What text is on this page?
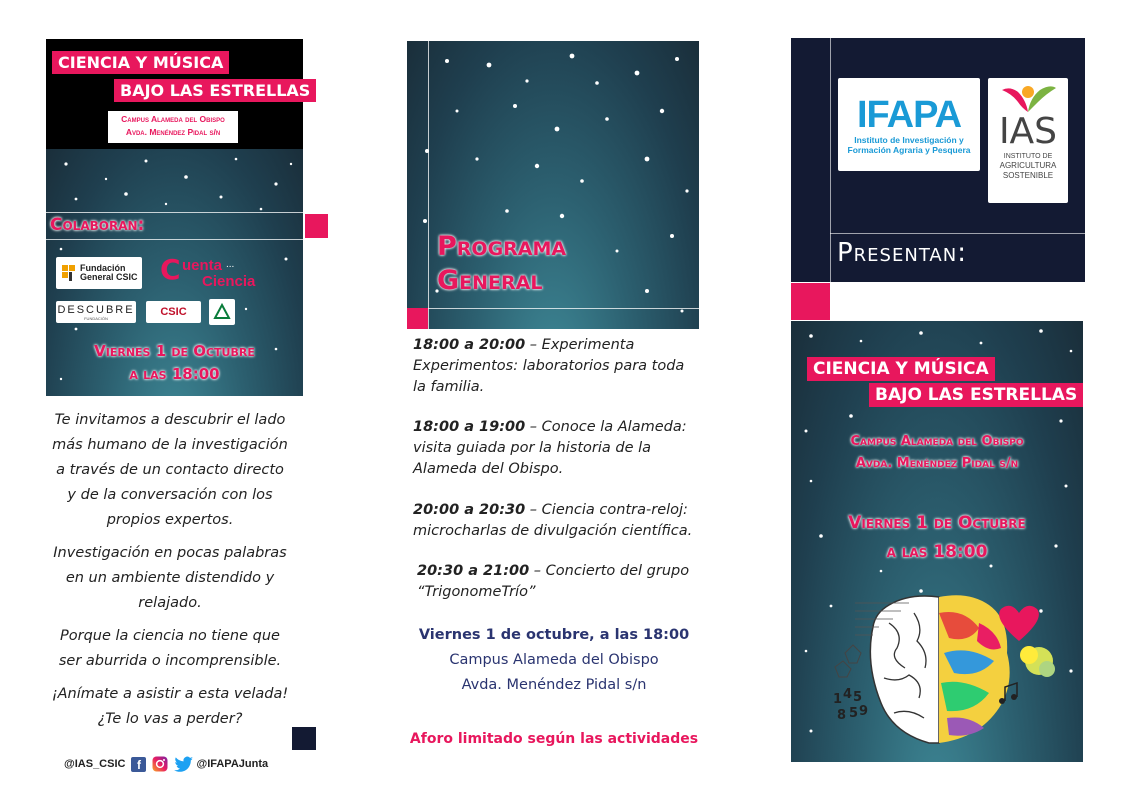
CIENCIA Y MÚSICA
BAJO LAS ESTRELLAS
Campus Alameda del Obispo
Avda. Menéndez Pidal s/n
Colaboran:
Fundación
General CSIC C uenta ...
Ciencia
DESCUBRE
FUNDACIÓN	CSIC
Viernes 1 de Octubre
a las 18:00
Te invitamos a descubrir el lado
más humano de la investigación
a través de un contacto directo
y de la conversación con los
propios expertos.
Investigación en pocas palabras
en un ambiente distendido y
relajado.
Porque la ciencia no tiene que
ser aburrida o incomprensible.
¡Anímate a asistir a esta velada!
¿Te lo vas a perder?
@IAS_CSIC f	@IFAPAJunta
Programa
General
18:00 a 20:00 – Experimenta
Experimentos: laboratorios para toda
la familia.
18:00 a 19:00 – Conoce la Alameda:
visita guiada por la historia de la
Alameda del Obispo.
20:00 a 20:30 – Ciencia contra-reloj:
microcharlas de divulgación científica.
20:30 a 21:00 – Concierto del grupo
“TrigonomeTrío”
Viernes 1 de octubre, a las 18:00
Campus Alameda del Obispo
Avda. Menéndez Pidal s/n
Aforo limitado según las actividades
IFAPA
Instituto de Investigación y
Formación Agraria y Pesquera IAS
INSTITUTO DE
AGRICULTURA
SOSTENIBLE
Presentan:
CIENCIA Y MÚSICA
BAJO LAS ESTRELLAS
Campus Alameda del Obispo
Avda. Menéndez Pidal s/n
Viernes 1 de Octubre
a las 18:00
1 4 5
8 5 9
